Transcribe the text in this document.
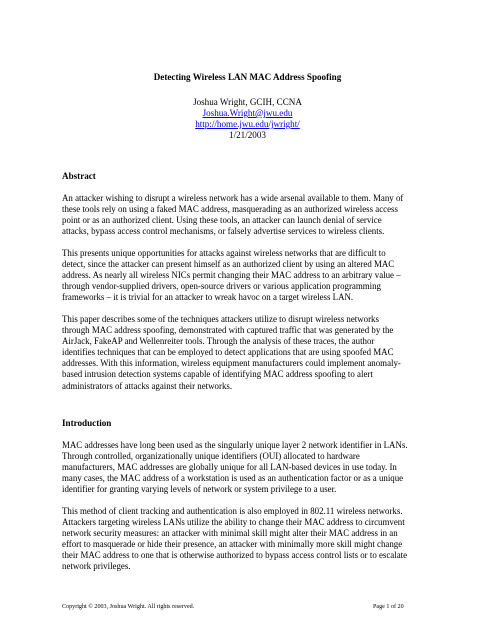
Detecting Wireless LAN MAC Address Spoofing
Joshua Wright, GCIH, CCNA
Joshua.Wright@jwu.edu
http://home.jwu.edu/jwright/
1/21/2003
Abstract
An attacker wishing to disrupt a wireless network has a wide arsenal available to them. Many of
these tools rely on using a faked MAC address, masquerading as an authorized wireless access
point or as an authorized client. Using these tools, an attacker can launch denial of service
attacks, bypass access control mechanisms, or falsely advertise services to wireless clients.
This presents unique opportunities for attacks against wireless networks that are difficult to
detect, since the attacker can present himself as an authorized client by using an altered MAC
address. As nearly all wireless NICs permit changing their MAC address to an arbitrary value –
through vendor-supplied drivers, open-source drivers or various application programming
frameworks – it is trivial for an attacker to wreak havoc on a target wireless LAN.
This paper describes some of the techniques attackers utilize to disrupt wireless networks
through MAC address spoofing, demonstrated with captured traffic that was generated by the
AirJack, FakeAP and Wellenreiter tools. Through the analysis of these traces, the author
identifies techniques that can be employed to detect applications that are using spoofed MAC
addresses. With this information, wireless equipment manufacturers could implement anomaly-
based intrusion detection systems capable of identifying MAC address spoofing to alert
administrators of attacks against their networks.
Introduction
MAC addresses have long been used as the singularly unique layer 2 network identifier in LANs.
Through controlled, organizationally unique identifiers (OUI) allocated to hardware
manufacturers, MAC addresses are globally unique for all LAN-based devices in use today. In
many cases, the MAC address of a workstation is used as an authentication factor or as a unique
identifier for granting varying levels of network or system privilege to a user.
This method of client tracking and authentication is also employed in 802.11 wireless networks.
Attackers targeting wireless LANs utilize the ability to change their MAC address to circumvent
network security measures: an attacker with minimal skill might alter their MAC address in an
effort to masquerade or hide their presence, an attacker with minimally more skill might change
their MAC address to one that is otherwise authorized to bypass access control lists or to escalate
network privileges.
Copyright © 2003, Joshua Wright. All rights reserved.	Page 1 of 20
